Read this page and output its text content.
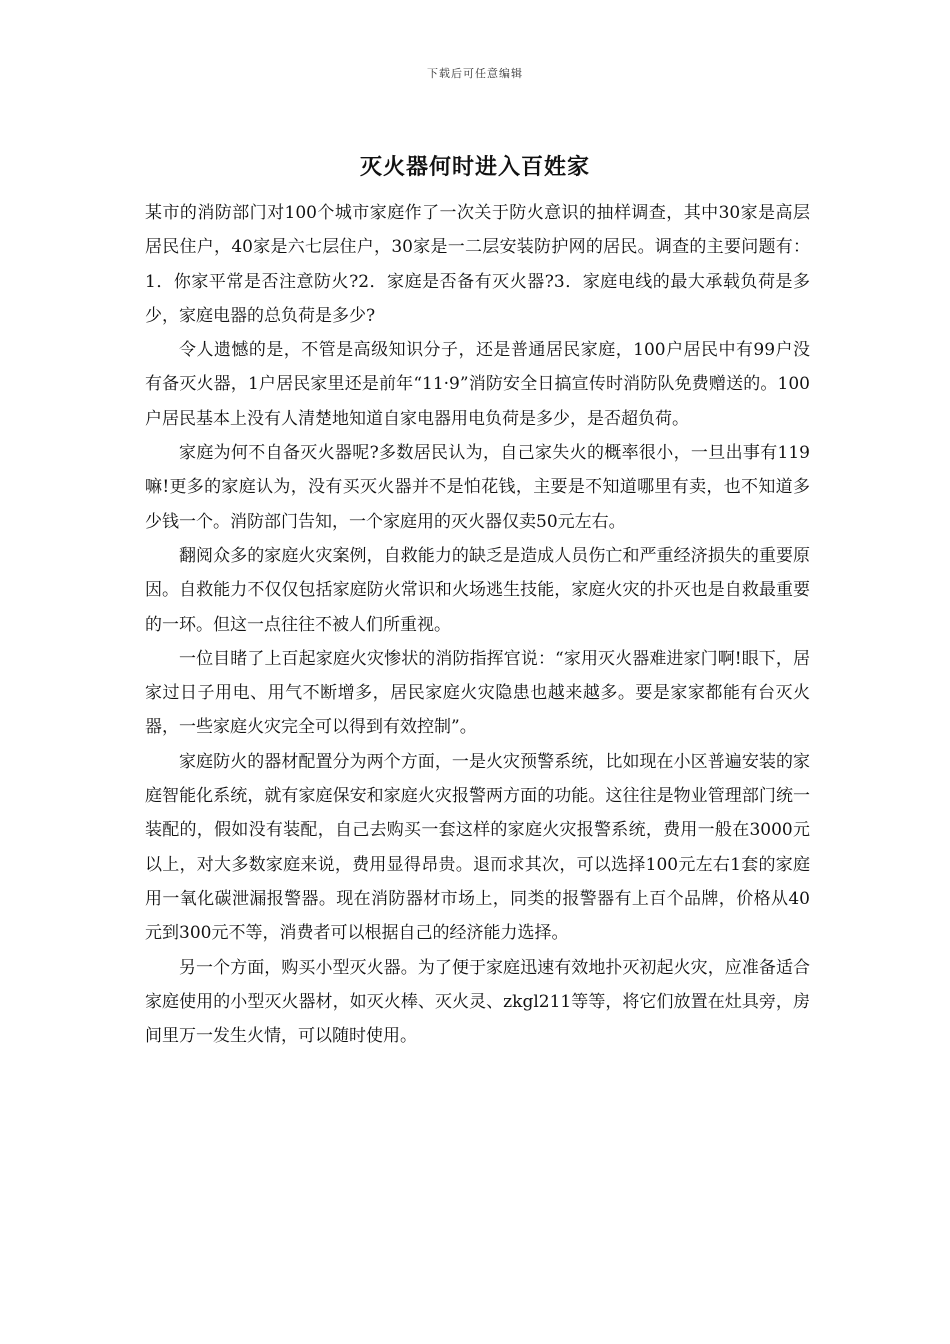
下载后可任意编辑
灭火器何时进入百姓家

某市的消防部门对100个城市家庭作了一次关于防火意识的抽样调查，其中30家是高层居民住户，40家是六七层住户，30家是一二层安装防护网的居民。调查的主要问题有：1．你家平常是否注意防火?2．家庭是否备有灭火器?3．家庭电线的最大承载负荷是多少，家庭电器的总负荷是多少?

令人遗憾的是，不管是高级知识分子，还是普通居民家庭，100户居民中有99户没有备灭火器，1户居民家里还是前年“11·9”消防安全日搞宣传时消防队免费赠送的。100户居民基本上没有人清楚地知道自家电器用电负荷是多少，是否超负荷。

家庭为何不自备灭火器呢?多数居民认为，自己家失火的概率很小，一旦出事有119嘛!更多的家庭认为，没有买灭火器并不是怕花钱，主要是不知道哪里有卖，也不知道多少钱一个。消防部门告知，一个家庭用的灭火器仅卖50元左右。

翻阅众多的家庭火灾案例，自救能力的缺乏是造成人员伤亡和严重经济损失的重要原因。自救能力不仅仅包括家庭防火常识和火场逃生技能，家庭火灾的扑灭也是自救最重要的一环。但这一点往往不被人们所重视。

一位目睹了上百起家庭火灾惨状的消防指挥官说：“家用灭火器难进家门啊!眼下，居家过日子用电、用气不断增多，居民家庭火灾隐患也越来越多。要是家家都能有台灭火器，一些家庭火灾完全可以得到有效控制”。

家庭防火的器材配置分为两个方面，一是火灾预警系统，比如现在小区普遍安装的家庭智能化系统，就有家庭保安和家庭火灾报警两方面的功能。这往往是物业管理部门统一装配的，假如没有装配，自己去购买一套这样的家庭火灾报警系统，费用一般在3000元以上，对大多数家庭来说，费用显得昂贵。退而求其次，可以选择100元左右1套的家庭用一氧化碳泄漏报警器。现在消防器材市场上，同类的报警器有上百个品牌，价格从40元到300元不等，消费者可以根据自己的经济能力选择。

另一个方面，购买小型灭火器。为了便于家庭迅速有效地扑灭初起火灾，应准备适合家庭使用的小型灭火器材，如灭火棒、灭火灵、zkgl211等等，将它们放置在灶具旁，房间里万一发生火情，可以随时使用。
